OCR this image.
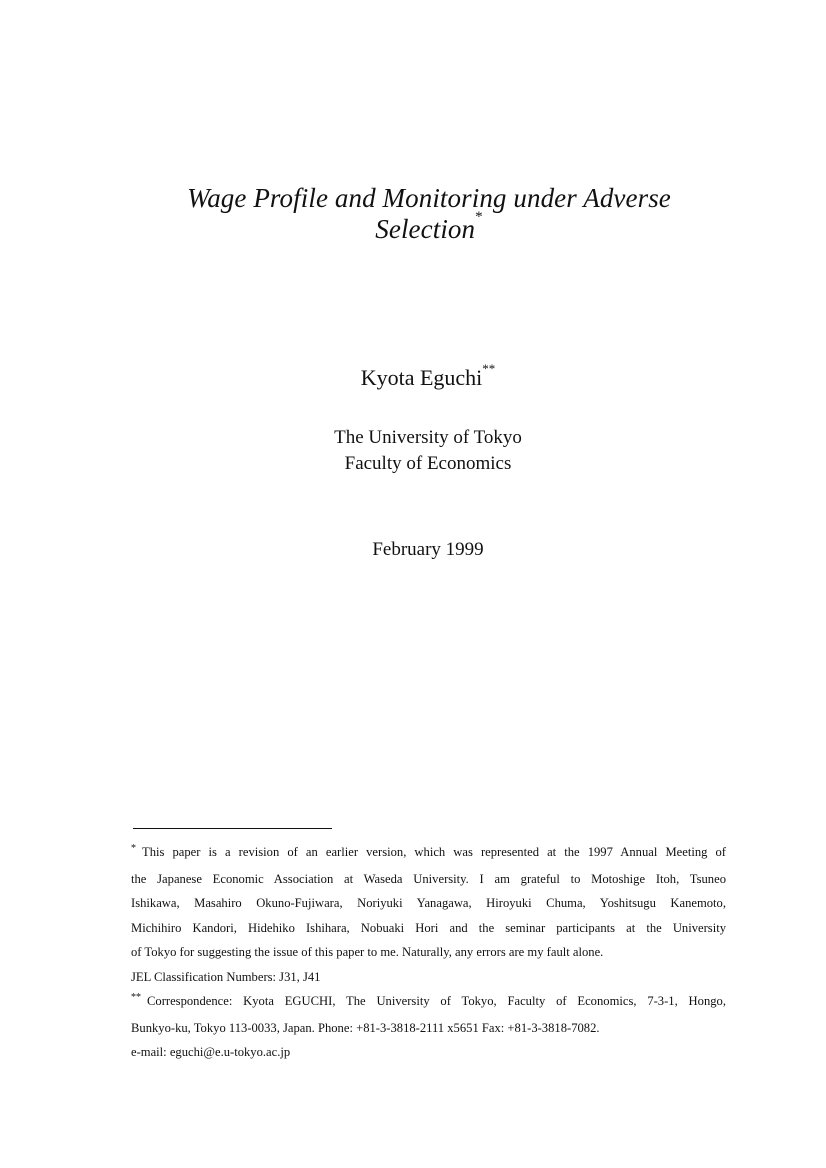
Wage Profile and Monitoring under Adverse
Selection*
Kyota Eguchi**
The University of Tokyo
Faculty of Economics
February 1999
* This paper is a revision of an earlier version, which was represented at the 1997 Annual Meeting of
the Japanese Economic Association at Waseda University. I am grateful to Motoshige Itoh, Tsuneo
Ishikawa, Masahiro Okuno-Fujiwara, Noriyuki Yanagawa, Hiroyuki Chuma, Yoshitsugu Kanemoto,
Michihiro Kandori, Hidehiko Ishihara, Nobuaki Hori and the seminar participants at the University
of Tokyo for suggesting the issue of this paper to me. Naturally, any errors are my fault alone.
JEL Classification Numbers: J31, J41
** Correspondence: Kyota EGUCHI, The University of Tokyo, Faculty of Economics, 7-3-1, Hongo,
Bunkyo-ku, Tokyo 113-0033, Japan. Phone: +81-3-3818-2111 x5651 Fax: +81-3-3818-7082.
e-mail: eguchi@e.u-tokyo.ac.jp
